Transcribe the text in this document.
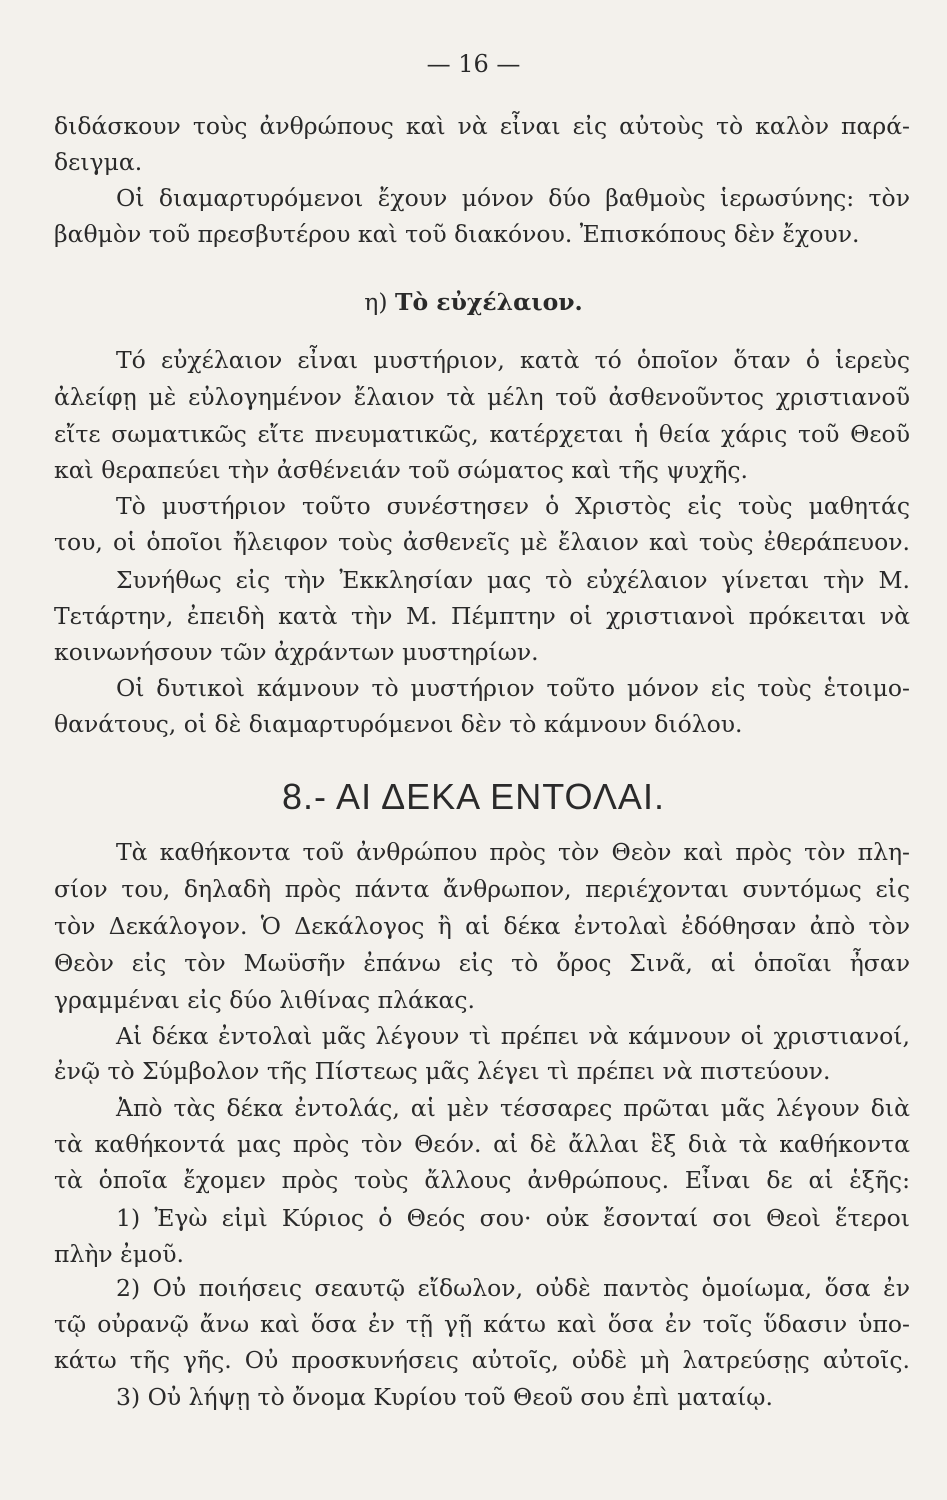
— 16 —
διδάσκουν τοὺς ἀνθρώπους καὶ νὰ εἶναι εἰς αὐτοὺς τὸ καλὸν παρά-
δειγμα.
Οἱ διαμαρτυρόμενοι ἔχουν μόνον δύο βαθμοὺς ἱερωσύνης: τὸν
βαθμὸν τοῦ πρεσβυτέρου καὶ τοῦ διακόνου. Ἐπισκόπους δὲν ἔχουν.
η) Τὸ εὐχέλαιον.
Τό εὐχέλαιον εἶναι μυστήριον, κατὰ τό ὁποῖον ὅταν ὁ ἱερεὺς
ἀλείφῃ μὲ εὐλογημένον ἔλαιον τὰ μέλη τοῦ ἀσθενοῦντος χριστιανοῦ
εἴτε σωματικῶς εἴτε πνευματικῶς, κατέρχεται ἡ θεία χάρις τοῦ Θεοῦ
καὶ θεραπεύει τὴν ἀσθένειάν τοῦ σώματος καὶ τῆς ψυχῆς.
Τὸ μυστήριον τοῦτο συνέστησεν ὁ Χριστὸς εἰς τοὺς μαθητάς
του, οἱ ὁποῖοι ἤλειφον τοὺς ἀσθενεῖς μὲ ἔλαιον καὶ τοὺς ἐθεράπευον.
Συνήθως εἰς τὴν Ἐκκλησίαν μας τὸ εὐχέλαιον γίνεται τὴν Μ.
Τετάρτην, ἐπειδὴ κατὰ τὴν Μ. Πέμπτην οἱ χριστιανοὶ πρόκειται νὰ
κοινωνήσουν τῶν ἀχράντων μυστηρίων.
Οἱ δυτικοὶ κάμνουν τὸ μυστήριον τοῦτο μόνον εἰς τοὺς ἑτοιμο-
θανάτους, οἱ δὲ διαμαρτυρόμενοι δὲν τὸ κάμνουν διόλου.
8.- ΑΙ ΔΕΚΑ ΕΝΤΟΛΑΙ.
Τὰ καθήκοντα τοῦ ἀνθρώπου πρὸς τὸν Θεὸν καὶ πρὸς τὸν πλη-
σίον του, δηλαδὴ πρὸς πάντα ἄνθρωπον, περιέχονται συντόμως εἰς
τὸν Δεκάλογον. Ὁ Δεκάλογος ἢ αἱ δέκα ἐντολαὶ ἐδόθησαν ἀπὸ τὸν
Θεὸν εἰς τὸν Μωϋσῆν ἐπάνω εἰς τὸ ὄρος Σινᾶ, αἱ ὁποῖαι ἦσαν
γραμμέναι εἰς δύο λιθίνας πλάκας.
Αἱ δέκα ἐντολαὶ μᾶς λέγουν τὶ πρέπει νὰ κάμνουν οἱ χριστιανοί,
ἐνῷ τὸ Σύμβολον τῆς Πίστεως μᾶς λέγει τὶ πρέπει νὰ πιστεύουν.
Ἀπὸ τὰς δέκα ἐντολάς, αἱ μὲν τέσσαρες πρῶται μᾶς λέγουν διὰ
τὰ καθήκοντά μας πρὸς τὸν Θεόν. αἱ δὲ ἄλλαι ἓξ διὰ τὰ καθήκοντα
τὰ ὁποῖα ἔχομεν πρὸς τοὺς ἄλλους ἀνθρώπους. Εἶναι δε αἱ ἑξῆς:
1) Ἐγὼ εἰμὶ Κύριος ὁ Θεός σου· οὐκ ἔσονταί σοι Θεοὶ ἕτεροι
πλὴν ἐμοῦ.
2) Οὐ ποιήσεις σεαυτῷ εἴδωλον, οὐδὲ παντὸς ὁμοίωμα, ὅσα ἐν
τῷ οὐρανῷ ἄνω καὶ ὅσα ἐν τῇ γῇ κάτω καὶ ὅσα ἐν τοῖς ὕδασιν ὑπο-
κάτω τῆς γῆς. Οὐ προσκυνήσεις αὐτοῖς, οὐδὲ μὴ λατρεύσῃς αὐτοῖς.
3) Οὐ λήψῃ τὸ ὄνομα Κυρίου τοῦ Θεοῦ σου ἐπὶ ματαίῳ.
